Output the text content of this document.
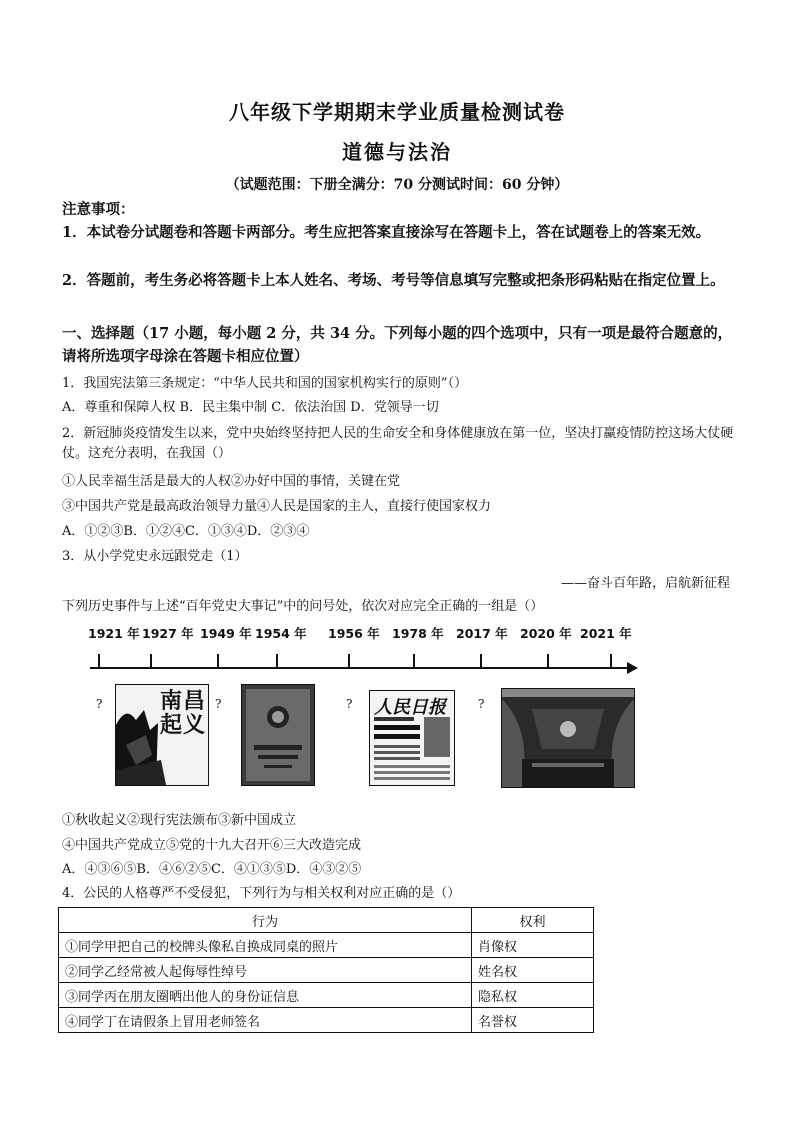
八年级下学期期末学业质量检测试卷
道德与法治
（试题范围：下册全满分：70 分测试时间：60 分钟）
注意事项：
1．本试卷分试题卷和答题卡两部分。考生应把答案直接涂写在答题卡上，答在试题卷上的答案无效。
2．答题前，考生务必将答题卡上本人姓名、考场、考号等信息填写完整或把条形码粘贴在指定位置上。
一、选择题（17 小题，每小题 2 分，共 34 分。下列每小题的四个选项中，只有一项是最符合题意的，请将所选项字母涂在答题卡相应位置）
1．我国宪法第三条规定：“中华人民共和国的国家机构实行的原则”（）
A．尊重和保障人权 B．民主集中制 C．依法治国 D．党领导一切
2．新冠肺炎疫情发生以来，党中央始终坚持把人民的生命安全和身体健康放在第一位，坚决打赢疫情防控这场大仗硬仗。这充分表明，在我国（）
①人民幸福生活是最大的人权②办好中国的事情，关键在党
③中国共产党是最高政治领导力量④人民是国家的主人，直接行使国家权力
A．①②③B．①②④C．①③④D．②③④
3．从小学党史永远跟党走（1）
——奋斗百年路，启航新征程
下列历史事件与上述“百年党史大事记”中的问号处，依次对应完全正确的一组是（）
1921 年 1927 年 1949 年 1954 年 1956 年 1978 年 2017 年 2020 年 2021 年
?	?	?	?
南昌起义
人民日报
①秋收起义②现行宪法颁布③新中国成立
④中国共产党成立⑤党的十九大召开⑥三大改造完成
A．④③⑥⑤B．④⑥②⑤C．④①③⑤D．④③②⑤
4．公民的人格尊严不受侵犯，下列行为与相关权利对应正确的是（）
行为	权利
①同学甲把自己的校牌头像私自换成同桌的照片	肖像权
②同学乙经常被人起侮辱性绰号	姓名权
③同学丙在朋友圈晒出他人的身份证信息	隐私权
④同学丁在请假条上冒用老师签名	名誉权
